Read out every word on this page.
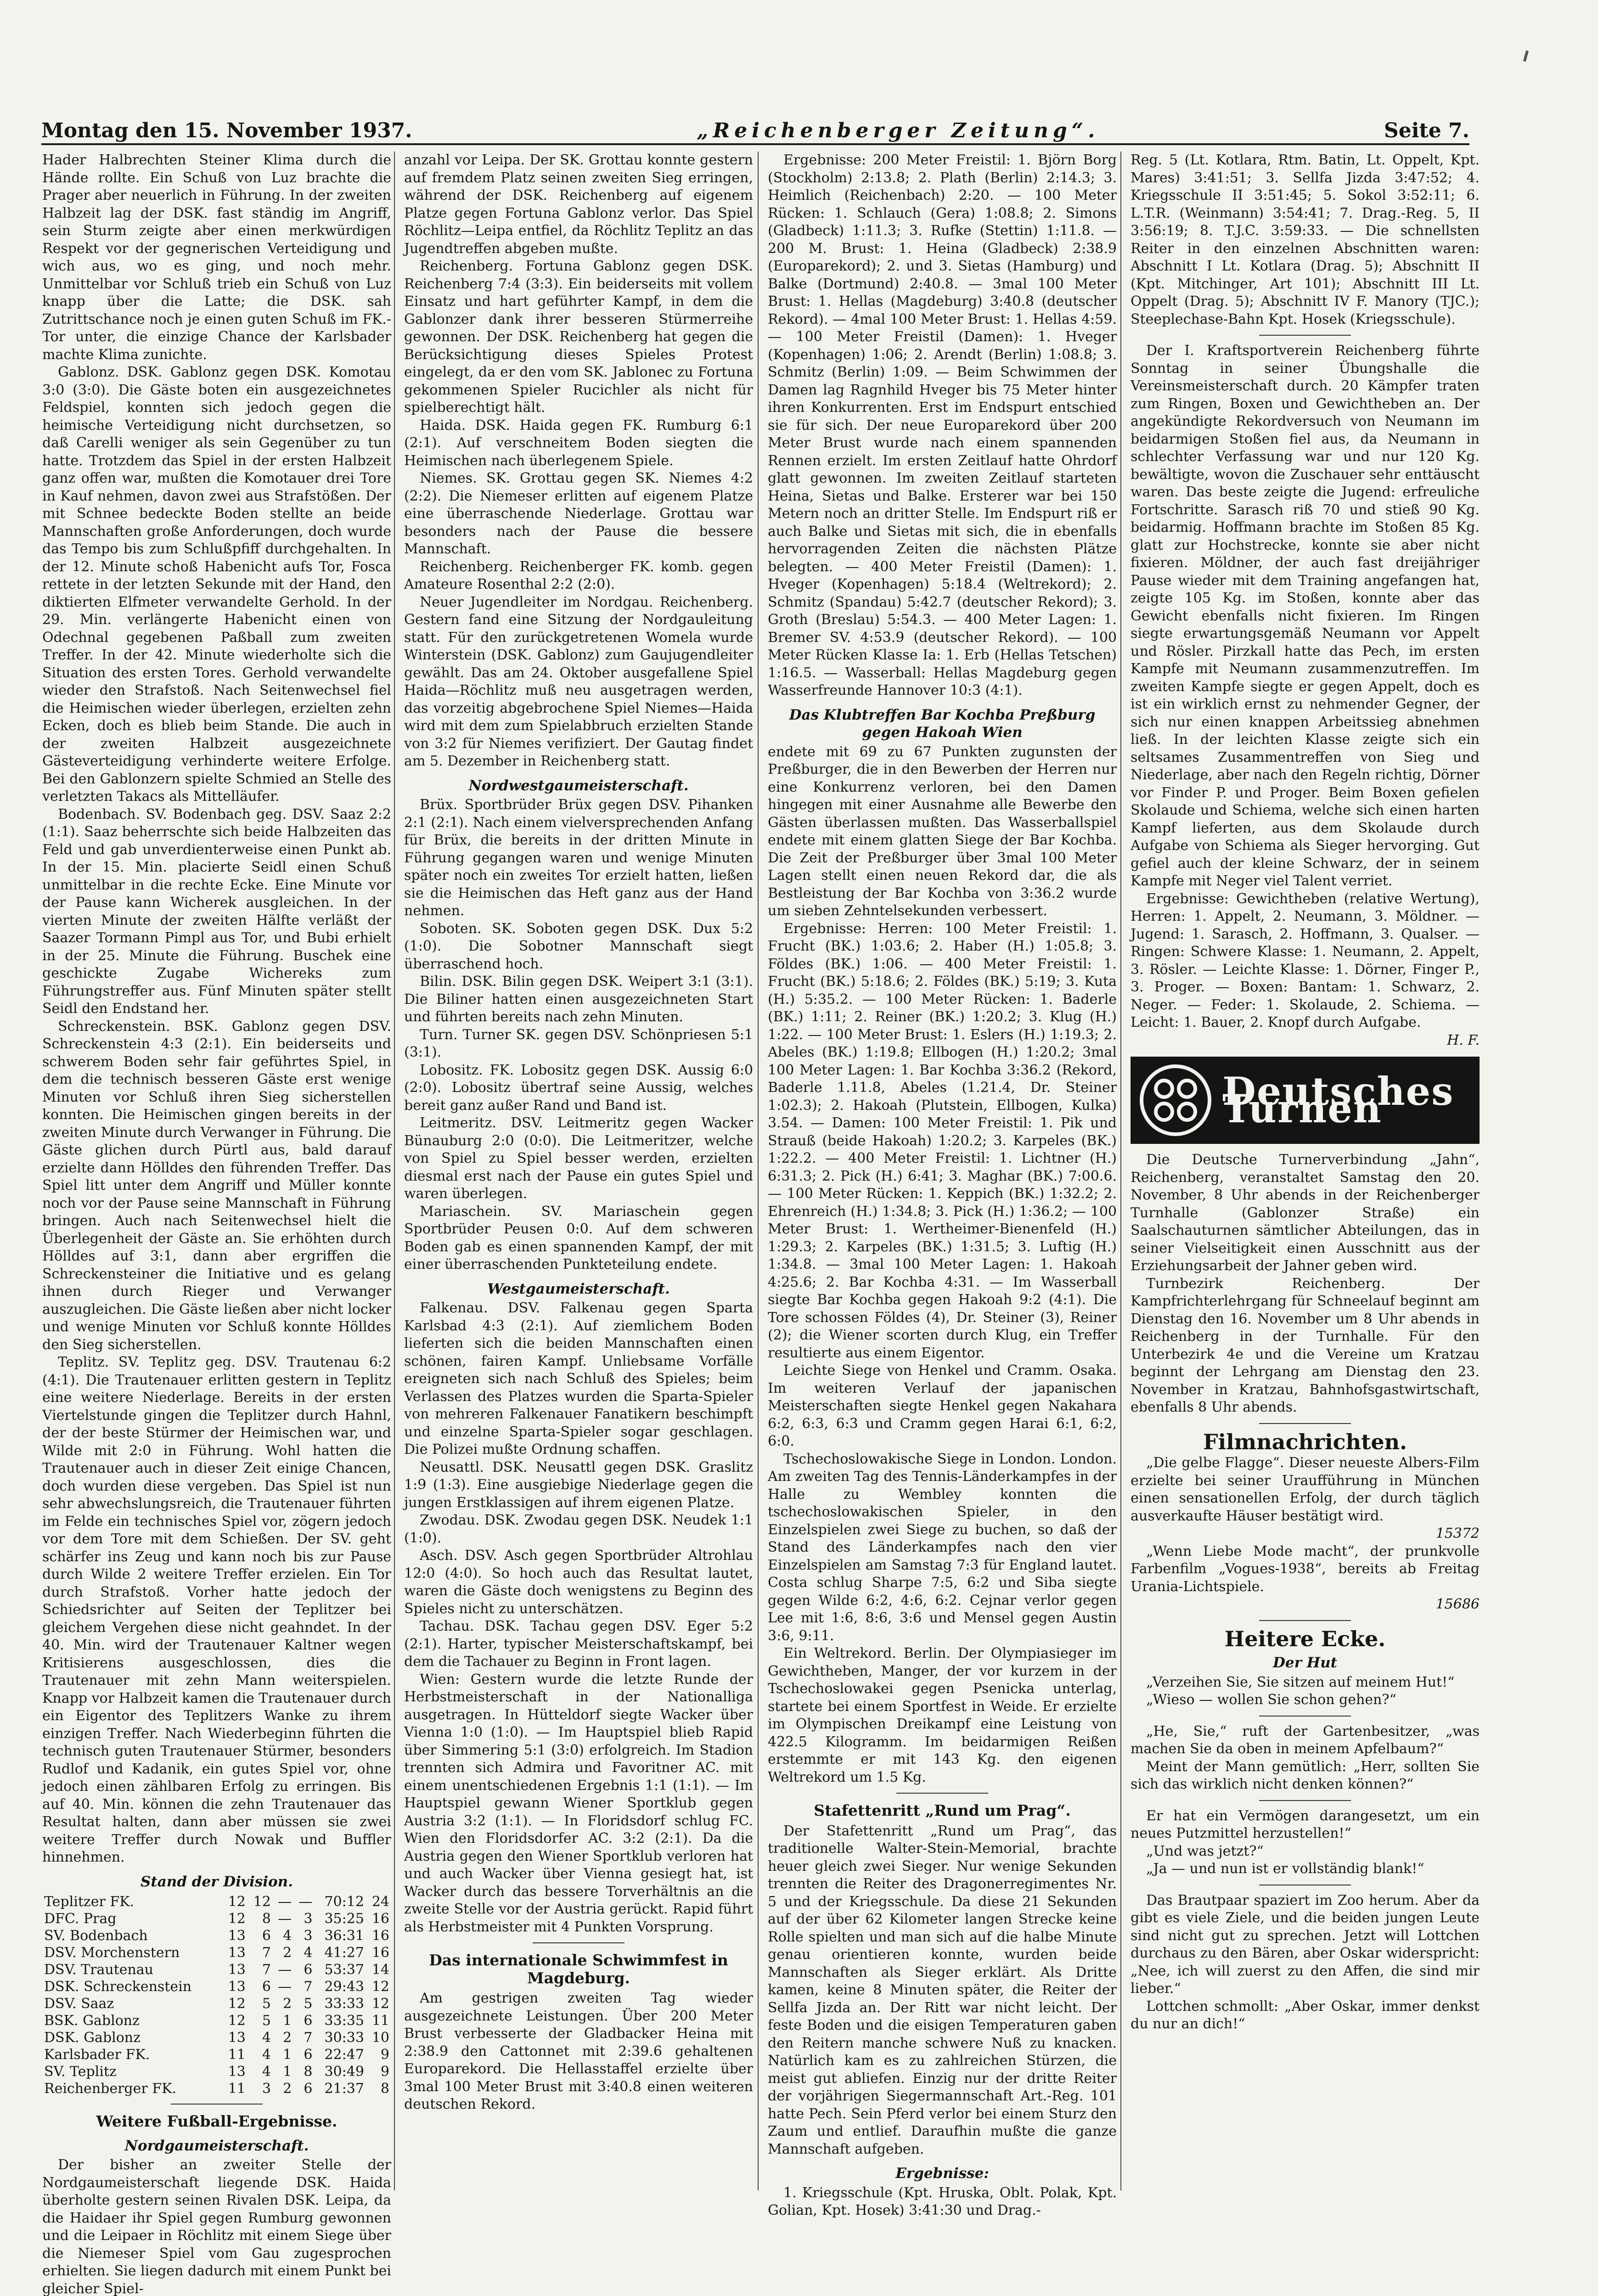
Montag den 15. November 1937.	„Reichenberger Zeitung“.	Seite 7.

Hader Halbrechten Steiner Klima durch die Hände rollte. Ein Schuß von Luz brachte die Prager aber neuerlich in Führung. In der zweiten Halbzeit lag der DSK. fast ständig im Angriff, sein Sturm zeigte aber einen merkwürdigen Respekt vor der gegnerischen Verteidigung und wich aus, wo es ging, und noch mehr. Unmittelbar vor Schluß trieb ein Schuß von Luz knapp über die Latte; die DSK. sah Zutrittschance noch je einen guten Schuß im FK.-Tor unter, die einzige Chance der Karlsbader machte Klima zunichte.

Gablonz. DSK. Gablonz gegen DSK. Komotau 3:0 (3:0). Die Gäste boten ein ausgezeichnetes Feldspiel, konnten sich jedoch gegen die heimische Verteidigung nicht durchsetzen, so daß Carelli weniger als sein Gegenüber zu tun hatte. Trotzdem das Spiel in der ersten Halbzeit ganz offen war, mußten die Komotauer drei Tore in Kauf nehmen, davon zwei aus Strafstößen. Der mit Schnee bedeckte Boden stellte an beide Mannschaften große Anforderungen, doch wurde das Tempo bis zum Schlußpfiff durchgehalten. In der 12. Minute schoß Habenicht aufs Tor, Fosca rettete in der letzten Sekunde mit der Hand, den diktierten Elfmeter verwandelte Gerhold. In der 29. Min. verlängerte Habenicht einen von Odechnal gegebenen Paßball zum zweiten Treffer. In der 42. Minute wiederholte sich die Situation des ersten Tores. Gerhold verwandelte wieder den Strafstoß. Nach Seitenwechsel fiel die Heimischen wieder überlegen, erzielten zehn Ecken, doch es blieb beim Stande. Die auch in der zweiten Halbzeit ausgezeichnete Gästeverteidigung verhinderte weitere Erfolge. Bei den Gablonzern spielte Schmied an Stelle des verletzten Takacs als Mittelläufer.

Bodenbach. SV. Bodenbach geg. DSV. Saaz 2:2 (1:1). Saaz beherrschte sich beide Halbzeiten das Feld und gab unverdienterweise einen Punkt ab. In der 15. Min. placierte Seidl einen Schuß unmittelbar in die rechte Ecke. Eine Minute vor der Pause kann Wicherek ausgleichen. In der vierten Minute der zweiten Hälfte verläßt der Saazer Tormann Pimpl aus Tor, und Bubi erhielt in der 25. Minute die Führung. Buschek eine geschickte Zugabe Wichereks zum Führungstreffer aus. Fünf Minuten später stellt Seidl den Endstand her.

Schreckenstein. BSK. Gablonz gegen DSV. Schreckenstein 4:3 (2:1). Ein beiderseits und schwerem Boden sehr fair geführtes Spiel, in dem die technisch besseren Gäste erst wenige Minuten vor Schluß ihren Sieg sicherstellen konnten. Die Heimischen gingen bereits in der zweiten Minute durch Verwanger in Führung. Die Gäste glichen durch Pürtl aus, bald darauf erzielte dann Hölldes den führenden Treffer. Das Spiel litt unter dem Angriff und Müller konnte noch vor der Pause seine Mannschaft in Führung bringen. Auch nach Seitenwechsel hielt die Überlegenheit der Gäste an. Sie erhöhten durch Hölldes auf 3:1, dann aber ergriffen die Schreckensteiner die Initiative und es gelang ihnen durch Rieger und Verwanger auszugleichen. Die Gäste ließen aber nicht locker und wenige Minuten vor Schluß konnte Hölldes den Sieg sicherstellen.

Teplitz. SV. Teplitz geg. DSV. Trautenau 6:2 (4:1). Die Trautenauer erlitten gestern in Teplitz eine weitere Niederlage. Bereits in der ersten Viertelstunde gingen die Teplitzer durch Hahnl, der der beste Stürmer der Heimischen war, und Wilde mit 2:0 in Führung. Wohl hatten die Trautenauer auch in dieser Zeit einige Chancen, doch wurden diese vergeben. Das Spiel ist nun sehr abwechslungsreich, die Trautenauer führten im Felde ein technisches Spiel vor, zögern jedoch vor dem Tore mit dem Schießen. Der SV. geht schärfer ins Zeug und kann noch bis zur Pause durch Wilde 2 weitere Treffer erzielen. Ein Tor durch Strafstoß. Vorher hatte jedoch der Schiedsrichter auf Seiten der Teplitzer bei gleichem Vergehen diese nicht geahndet. In der 40. Min. wird der Trautenauer Kaltner wegen Kritisierens ausgeschlossen, dies die Trautenauer mit zehn Mann weiterspielen. Knapp vor Halbzeit kamen die Trautenauer durch ein Eigentor des Teplitzers Wanke zu ihrem einzigen Treffer. Nach Wiederbeginn führten die technisch guten Trautenauer Stürmer, besonders Rudlof und Kadanik, ein gutes Spiel vor, ohne jedoch einen zählbaren Erfolg zu erringen. Bis auf 40. Min. können die zehn Trautenauer das Resultat halten, dann aber müssen sie zwei weitere Treffer durch Nowak und Buffler hinnehmen.

Stand der Division.
Teplitzer FK.	12	12	—	—	70:12	24
DFC. Prag	12	8	—	3	35:25	16
SV. Bodenbach	13	6	4	3	36:31	16
DSV. Morchenstern	13	7	2	4	41:27	16
DSV. Trautenau	13	7	—	6	53:37	14
DSK. Schreckenstein	13	6	—	7	29:43	12
DSV. Saaz	12	5	2	5	33:33	12
BSK. Gablonz	12	5	1	6	33:35	11
DSK. Gablonz	13	4	2	7	30:33	10
Karlsbader FK.	11	4	1	6	22:47	9
SV. Teplitz	13	4	1	8	30:49	9
Reichenberger FK.	11	3	2	6	21:37	8
Weitere Fußball-Ergebnisse.
Nordgaumeisterschaft.

Der bisher an zweiter Stelle der Nordgaumeisterschaft liegende DSK. Haida überholte gestern seinen Rivalen DSK. Leipa, da die Haidaer ihr Spiel gegen Rumburg gewonnen und die Leipaer in Röchlitz mit einem Siege über die Niemeser Spiel vom Gau zugesprochen erhielten. Sie liegen dadurch mit einem Punkt bei gleicher Spiel-

anzahl vor Leipa. Der SK. Grottau konnte gestern auf fremdem Platz seinen zweiten Sieg erringen, während der DSK. Reichenberg auf eigenem Platze gegen Fortuna Gablonz verlor. Das Spiel Röchlitz—Leipa entfiel, da Röchlitz Teplitz an das Jugendtreffen abgeben mußte.

Reichenberg. Fortuna Gablonz gegen DSK. Reichenberg 7:4 (3:3). Ein beiderseits mit vollem Einsatz und hart geführter Kampf, in dem die Gablonzer dank ihrer besseren Stürmerreihe gewonnen. Der DSK. Reichenberg hat gegen die Berücksichtigung dieses Spieles Protest eingelegt, da er den vom SK. Jablonec zu Fortuna gekommenen Spieler Rucichler als nicht für spielberechtigt hält.

Haida. DSK. Haida gegen FK. Rumburg 6:1 (2:1). Auf verschneitem Boden siegten die Heimischen nach überlegenem Spiele.

Niemes. SK. Grottau gegen SK. Niemes 4:2 (2:2). Die Niemeser erlitten auf eigenem Platze eine überraschende Niederlage. Grottau war besonders nach der Pause die bessere Mannschaft.

Reichenberg. Reichenberger FK. komb. gegen Amateure Rosenthal 2:2 (2:0).

Neuer Jugendleiter im Nordgau. Reichenberg. Gestern fand eine Sitzung der Nordgauleitung statt. Für den zurückgetretenen Womela wurde Winterstein (DSK. Gablonz) zum Gaujugendleiter gewählt. Das am 24. Oktober ausgefallene Spiel Haida—Röchlitz muß neu ausgetragen werden, das vorzeitig abgebrochene Spiel Niemes—Haida wird mit dem zum Spielabbruch erzielten Stande von 3:2 für Niemes verifiziert. Der Gautag findet am 5. Dezember in Reichenberg statt.

Nordwestgaumeisterschaft.

Brüx. Sportbrüder Brüx gegen DSV. Pihanken 2:1 (2:1). Nach einem vielversprechenden Anfang für Brüx, die bereits in der dritten Minute in Führung gegangen waren und wenige Minuten später noch ein zweites Tor erzielt hatten, ließen sie die Heimischen das Heft ganz aus der Hand nehmen.

Soboten. SK. Soboten gegen DSK. Dux 5:2 (1:0). Die Sobotner Mannschaft siegt überraschend hoch.

Bilin. DSK. Bilin gegen DSK. Weipert 3:1 (3:1). Die Biliner hatten einen ausgezeichneten Start und führten bereits nach zehn Minuten.

Turn. Turner SK. gegen DSV. Schönpriesen 5:1 (3:1).

Lobositz. FK. Lobositz gegen DSK. Aussig 6:0 (2:0). Lobositz übertraf seine Aussig, welches bereit ganz außer Rand und Band ist.

Leitmeritz. DSV. Leitmeritz gegen Wacker Bünauburg 2:0 (0:0). Die Leitmeritzer, welche von Spiel zu Spiel besser werden, erzielten diesmal erst nach der Pause ein gutes Spiel und waren überlegen.

Mariaschein. SV. Mariaschein gegen Sportbrüder Peusen 0:0. Auf dem schweren Boden gab es einen spannenden Kampf, der mit einer überraschenden Punkteteilung endete.

Westgaumeisterschaft.

Falkenau. DSV. Falkenau gegen Sparta Karlsbad 4:3 (2:1). Auf ziemlichem Boden lieferten sich die beiden Mannschaften einen schönen, fairen Kampf. Unliebsame Vorfälle ereigneten sich nach Schluß des Spieles; beim Verlassen des Platzes wurden die Sparta-Spieler von mehreren Falkenauer Fanatikern beschimpft und einzelne Sparta-Spieler sogar geschlagen. Die Polizei mußte Ordnung schaffen.

Neusattl. DSK. Neusattl gegen DSK. Graslitz 1:9 (1:3). Eine ausgiebige Niederlage gegen die jungen Erstklassigen auf ihrem eigenen Platze.

Zwodau. DSK. Zwodau gegen DSK. Neudek 1:1 (1:0).

Asch. DSV. Asch gegen Sportbrüder Altrohlau 12:0 (4:0). So hoch auch das Resultat lautet, waren die Gäste doch wenigstens zu Beginn des Spieles nicht zu unterschätzen.

Tachau. DSK. Tachau gegen DSV. Eger 5:2 (2:1). Harter, typischer Meisterschaftskampf, bei dem die Tachauer zu Beginn in Front lagen.

Wien: Gestern wurde die letzte Runde der Herbstmeisterschaft in der Nationalliga ausgetragen. In Hütteldorf siegte Wacker über Vienna 1:0 (1:0). — Im Hauptspiel blieb Rapid über Simmering 5:1 (3:0) erfolgreich. Im Stadion trennten sich Admira und Favoritner AC. mit einem unentschiedenen Ergebnis 1:1 (1:1). — Im Hauptspiel gewann Wiener Sportklub gegen Austria 3:2 (1:1). — In Floridsdorf schlug FC. Wien den Floridsdorfer AC. 3:2 (2:1). Da die Austria gegen den Wiener Sportklub verloren hat und auch Wacker über Vienna gesiegt hat, ist Wacker durch das bessere Torverhältnis an die zweite Stelle vor der Austria gerückt. Rapid führt als Herbstmeister mit 4 Punkten Vorsprung.

Das internationale Schwimmfest in Magdeburg.

Am gestrigen zweiten Tag wieder ausgezeichnete Leistungen. Über 200 Meter Brust verbesserte der Gladbacker Heina mit 2:38.9 den Cattonnet mit 2:39.6 gehaltenen Europarekord. Die Hellasstaffel erzielte über 3mal 100 Meter Brust mit 3:40.8 einen weiteren deutschen Rekord.

Ergebnisse: 200 Meter Freistil: 1. Björn Borg (Stockholm) 2:13.8; 2. Plath (Berlin) 2:14.3; 3. Heimlich (Reichenbach) 2:20. — 100 Meter Rücken: 1. Schlauch (Gera) 1:08.8; 2. Simons (Gladbeck) 1:11.3; 3. Rufke (Stettin) 1:11.8. — 200 M. Brust: 1. Heina (Gladbeck) 2:38.9 (Europarekord); 2. und 3. Sietas (Hamburg) und Balke (Dortmund) 2:40.8. — 3mal 100 Meter Brust: 1. Hellas (Magdeburg) 3:40.8 (deutscher Rekord). — 4mal 100 Meter Brust: 1. Hellas 4:59. — 100 Meter Freistil (Damen): 1. Hveger (Kopenhagen) 1:06; 2. Arendt (Berlin) 1:08.8; 3. Schmitz (Berlin) 1:09. — Beim Schwimmen der Damen lag Ragnhild Hveger bis 75 Meter hinter ihren Konkurrenten. Erst im Endspurt entschied sie für sich. Der neue Europarekord über 200 Meter Brust wurde nach einem spannenden Rennen erzielt. Im ersten Zeitlauf hatte Ohrdorf glatt gewonnen. Im zweiten Zeitlauf starteten Heina, Sietas und Balke. Ersterer war bei 150 Metern noch an dritter Stelle. Im Endspurt riß er auch Balke und Sietas mit sich, die in ebenfalls hervorragenden Zeiten die nächsten Plätze belegten. — 400 Meter Freistil (Damen): 1. Hveger (Kopenhagen) 5:18.4 (Weltrekord); 2. Schmitz (Spandau) 5:42.7 (deutscher Rekord); 3. Groth (Breslau) 5:54.3. — 400 Meter Lagen: 1. Bremer SV. 4:53.9 (deutscher Rekord). — 100 Meter Rücken Klasse Ia: 1. Erb (Hellas Tetschen) 1:16.5. — Wasserball: Hellas Magdeburg gegen Wasserfreunde Hannover 10:3 (4:1).

Das Klubtreffen Bar Kochba Preßburg gegen Hakoah Wien

endete mit 69 zu 67 Punkten zugunsten der Preßburger, die in den Bewerben der Herren nur eine Konkurrenz verloren, bei den Damen hingegen mit einer Ausnahme alle Bewerbe den Gästen überlassen mußten. Das Wasserballspiel endete mit einem glatten Siege der Bar Kochba. Die Zeit der Preßburger über 3mal 100 Meter Lagen stellt einen neuen Rekord dar, die als Bestleistung der Bar Kochba von 3:36.2 wurde um sieben Zehntelsekunden verbessert.

Ergebnisse: Herren: 100 Meter Freistil: 1. Frucht (BK.) 1:03.6; 2. Haber (H.) 1:05.8; 3. Földes (BK.) 1:06. — 400 Meter Freistil: 1. Frucht (BK.) 5:18.6; 2. Földes (BK.) 5:19; 3. Kuta (H.) 5:35.2. — 100 Meter Rücken: 1. Baderle (BK.) 1:11; 2. Reiner (BK.) 1:20.2; 3. Klug (H.) 1:22. — 100 Meter Brust: 1. Eslers (H.) 1:19.3; 2. Abeles (BK.) 1:19.8; Ellbogen (H.) 1:20.2; 3mal 100 Meter Lagen: 1. Bar Kochba 3:36.2 (Rekord, Baderle 1.11.8, Abeles (1.21.4, Dr. Steiner 1:02.3); 2. Hakoah (Plutstein, Ellbogen, Kulka) 3.54. — Damen: 100 Meter Freistil: 1. Pik und Strauß (beide Hakoah) 1:20.2; 3. Karpeles (BK.) 1:22.2. — 400 Meter Freistil: 1. Lichtner (H.) 6:31.3; 2. Pick (H.) 6:41; 3. Maghar (BK.) 7:00.6. — 100 Meter Rücken: 1. Keppich (BK.) 1:32.2; 2. Ehrenreich (H.) 1:34.8; 3. Pick (H.) 1:36.2; — 100 Meter Brust: 1. Wertheimer-Bienenfeld (H.) 1:29.3; 2. Karpeles (BK.) 1:31.5; 3. Luftig (H.) 1:34.8. — 3mal 100 Meter Lagen: 1. Hakoah 4:25.6; 2. Bar Kochba 4:31. — Im Wasserball siegte Bar Kochba gegen Hakoah 9:2 (4:1). Die Tore schossen Földes (4), Dr. Steiner (3), Reiner (2); die Wiener scorten durch Klug, ein Treffer resultierte aus einem Eigentor.

Leichte Siege von Henkel und Cramm. Osaka. Im weiteren Verlauf der japanischen Meisterschaften siegte Henkel gegen Nakahara 6:2, 6:3, 6:3 und Cramm gegen Harai 6:1, 6:2, 6:0.

Tschechoslowakische Siege in London. London. Am zweiten Tag des Tennis-Länderkampfes in der Halle zu Wembley konnten die tschechoslowakischen Spieler, in den Einzelspielen zwei Siege zu buchen, so daß der Stand des Länderkampfes nach den vier Einzelspielen am Samstag 7:3 für England lautet. Costa schlug Sharpe 7:5, 6:2 und Siba siegte gegen Wilde 6:2, 4:6, 6:2. Cejnar verlor gegen Lee mit 1:6, 8:6, 3:6 und Mensel gegen Austin 3:6, 9:11.

Ein Weltrekord. Berlin. Der Olympiasieger im Gewichtheben, Manger, der vor kurzem in der Tschechoslowakei gegen Psenicka unterlag, startete bei einem Sportfest in Weide. Er erzielte im Olympischen Dreikampf eine Leistung von 422.5 Kilogramm. Im beidarmigen Reißen erstemmte er mit 143 Kg. den eigenen Weltrekord um 1.5 Kg.

Stafettenritt „Rund um Prag“.

Der Stafettenritt „Rund um Prag“, das traditionelle Walter-Stein-Memorial, brachte heuer gleich zwei Sieger. Nur wenige Sekunden trennten die Reiter des Dragonerregimentes Nr. 5 und der Kriegsschule. Da diese 21 Sekunden auf der über 62 Kilometer langen Strecke keine Rolle spielten und man sich auf die halbe Minute genau orientieren konnte, wurden beide Mannschaften als Sieger erklärt. Als Dritte kamen, keine 8 Minuten später, die Reiter der Sellfa Jizda an. Der Ritt war nicht leicht. Der feste Boden und die eisigen Temperaturen gaben den Reitern manche schwere Nuß zu knacken. Natürlich kam es zu zahlreichen Stürzen, die meist gut abliefen. Einzig nur der dritte Reiter der vorjährigen Siegermannschaft Art.-Reg. 101 hatte Pech. Sein Pferd verlor bei einem Sturz den Zaum und entlief. Daraufhin mußte die ganze Mannschaft aufgeben.

Ergebnisse:

1. Kriegsschule (Kpt. Hruska, Oblt. Polak, Kpt. Golian, Kpt. Hosek) 3:41:30 und Drag.-

Reg. 5 (Lt. Kotlara, Rtm. Batin, Lt. Oppelt, Kpt. Mares) 3:41:51; 3. Sellfa Jizda 3:47:52; 4. Kriegsschule II 3:51:45; 5. Sokol 3:52:11; 6. L.T.R. (Weinmann) 3:54:41; 7. Drag.-Reg. 5, II 3:56:19; 8. T.J.C. 3:59:33. — Die schnellsten Reiter in den einzelnen Abschnitten waren: Abschnitt I Lt. Kotlara (Drag. 5); Abschnitt II (Kpt. Mitchinger, Art 101); Abschnitt III Lt. Oppelt (Drag. 5); Abschnitt IV F. Manory (TJC.); Steeplechase-Bahn Kpt. Hosek (Kriegsschule).

Der I. Kraftsportverein Reichenberg führte Sonntag in seiner Übungshalle die Vereinsmeisterschaft durch. 20 Kämpfer traten zum Ringen, Boxen und Gewichtheben an. Der angekündigte Rekordversuch von Neumann im beidarmigen Stoßen fiel aus, da Neumann in schlechter Verfassung war und nur 120 Kg. bewältigte, wovon die Zuschauer sehr enttäuscht waren. Das beste zeigte die Jugend: erfreuliche Fortschritte. Sarasch riß 70 und stieß 90 Kg. beidarmig. Hoffmann brachte im Stoßen 85 Kg. glatt zur Hochstrecke, konnte sie aber nicht fixieren. Möldner, der auch fast dreijähriger Pause wieder mit dem Training angefangen hat, zeigte 105 Kg. im Stoßen, konnte aber das Gewicht ebenfalls nicht fixieren. Im Ringen siegte erwartungsgemäß Neumann vor Appelt und Rösler. Pirzkall hatte das Pech, im ersten Kampfe mit Neumann zusammenzutreffen. Im zweiten Kampfe siegte er gegen Appelt, doch es ist ein wirklich ernst zu nehmender Gegner, der sich nur einen knappen Arbeitssieg abnehmen ließ. In der leichten Klasse zeigte sich ein seltsames Zusammentreffen von Sieg und Niederlage, aber nach den Regeln richtig, Dörner vor Finder P. und Proger. Beim Boxen gefielen Skolaude und Schiema, welche sich einen harten Kampf lieferten, aus dem Skolaude durch Aufgabe von Schiema als Sieger hervorging. Gut gefiel auch der kleine Schwarz, der in seinem Kampfe mit Neger viel Talent verriet.

Ergebnisse: Gewichtheben (relative Wertung), Herren: 1. Appelt, 2. Neumann, 3. Möldner. — Jugend: 1. Sarasch, 2. Hoffmann, 3. Qualser. — Ringen: Schwere Klasse: 1. Neumann, 2. Appelt, 3. Rösler. — Leichte Klasse: 1. Dörner, Finger P., 3. Proger. — Boxen: Bantam: 1. Schwarz, 2. Neger. — Feder: 1. Skolaude, 2. Schiema. — Leicht: 1. Bauer, 2. Knopf durch Aufgabe.

H. F.
Deutsches Turnen

Die Deutsche Turnerverbindung „Jahn“, Reichenberg, veranstaltet Samstag den 20. November, 8 Uhr abends in der Reichenberger Turnhalle (Gablonzer Straße) ein Saalschauturnen sämtlicher Abteilungen, das in seiner Vielseitigkeit einen Ausschnitt aus der Erziehungsarbeit der Jahner geben wird.

Turnbezirk Reichenberg. Der Kampfrichterlehrgang für Schneelauf beginnt am Dienstag den 16. November um 8 Uhr abends in Reichenberg in der Turnhalle. Für den Unterbezirk 4e und die Vereine um Kratzau beginnt der Lehrgang am Dienstag den 23. November in Kratzau, Bahnhofsgastwirtschaft, ebenfalls 8 Uhr abends.

Filmnachrichten.

„Die gelbe Flagge“. Dieser neueste Albers-Film erzielte bei seiner Uraufführung in München einen sensationellen Erfolg, der durch täglich ausverkaufte Häuser bestätigt wird.

15372

„Wenn Liebe Mode macht“, der prunkvolle Farbenfilm „Vogues-1938“, bereits ab Freitag Urania-Lichtspiele.

15686
Heitere Ecke.
Der Hut

„Verzeihen Sie, Sie sitzen auf meinem Hut!“

„Wieso — wollen Sie schon gehen?“

„He, Sie,“ ruft der Gartenbesitzer, „was machen Sie da oben in meinem Apfelbaum?“

Meint der Mann gemütlich: „Herr, sollten Sie sich das wirklich nicht denken können?“

Er hat ein Vermögen darangesetzt, um ein neues Putzmittel herzustellen!“

„Und was jetzt?“

„Ja — und nun ist er vollständig blank!“

Das Brautpaar spaziert im Zoo herum. Aber da gibt es viele Ziele, und die beiden jungen Leute sind nicht gut zu sprechen. Jetzt will Lottchen durchaus zu den Bären, aber Oskar widerspricht: „Nee, ich will zuerst zu den Affen, die sind mir lieber.“

Lottchen schmollt: „Aber Oskar, immer denkst du nur an dich!“
